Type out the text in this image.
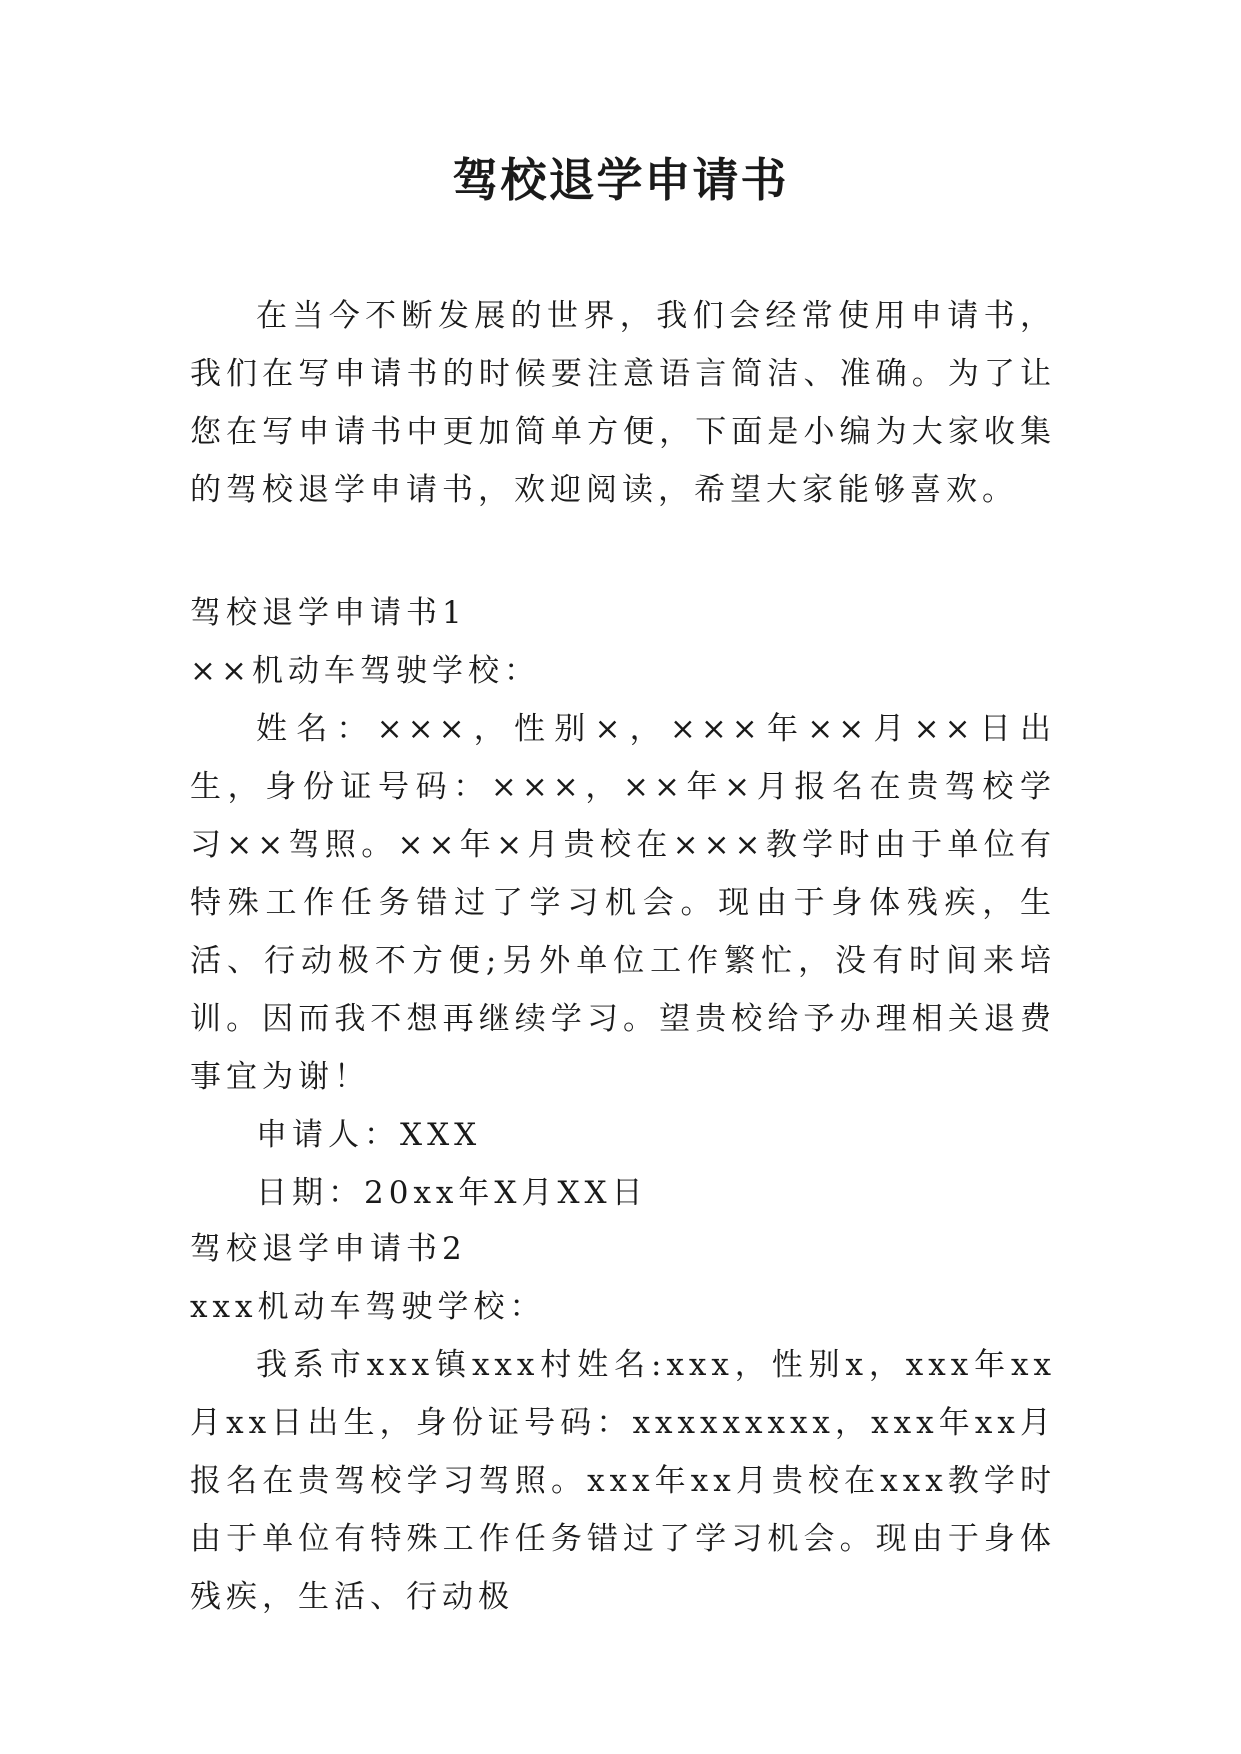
驾校退学申请书

在当今不断发展的世界，我们会经常使用申请书，我们在写申请书的时候要注意语言简洁、准确。为了让您在写申请书中更加简单方便，下面是小编为大家收集的驾校退学申请书，欢迎阅读，希望大家能够喜欢。

驾校退学申请书1

××机动车驾驶学校：

姓名：×××，性别×，×××年××月××日出生，身份证号码：×××，××年×月报名在贵驾校学习××驾照。××年×月贵校在×××教学时由于单位有特殊工作任务错过了学习机会。现由于身体残疾，生活、行动极不方便;另外单位工作繁忙，没有时间来培训。因而我不想再继续学习。望贵校给予办理相关退费事宜为谢！

申请人：XXX

日期：20xx年X月XX日

驾校退学申请书2

xxx机动车驾驶学校：

我系市xxx镇xxx村姓名:xxx，性别x，xxx年xx月xx日出生，身份证号码：xxxxxxxxx，xxx年xx月报名在贵驾校学习驾照。xxx年xx月贵校在xxx教学时由于单位有特殊工作任务错过了学习机会。现由于身体残疾，生活、行动极
